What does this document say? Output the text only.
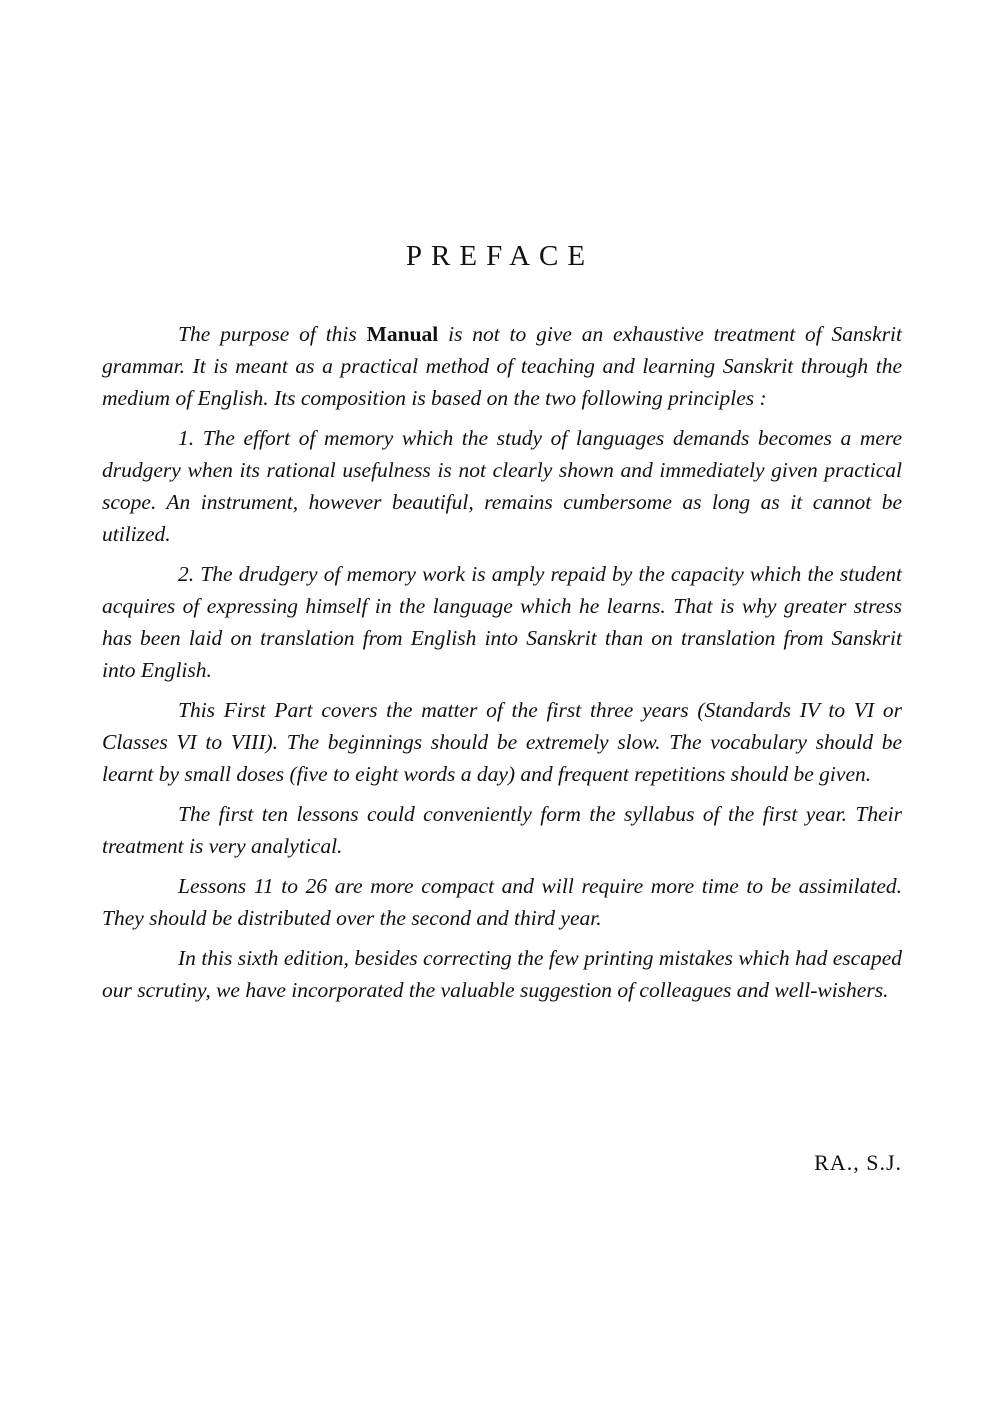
PREFACE

The purpose of this Manual is not to give an exhaustive treatment of Sanskrit grammar. It is meant as a practical method of teaching and learning Sanskrit through the medium of English. Its composition is based on the two following principles :

1. The effort of memory which the study of languages demands becomes a mere drudgery when its rational usefulness is not clearly shown and immediately given practical scope. An instrument, however beautiful, remains cumbersome as long as it cannot be utilized.

2. The drudgery of memory work is amply repaid by the capacity which the student acquires of expressing himself in the language which he learns. That is why greater stress has been laid on translation from English into Sanskrit than on translation from Sanskrit into English.

This First Part covers the matter of the first three years (Standards IV to VI or Classes VI to VIII). The beginnings should be extremely slow. The vocabulary should be learnt by small doses (five to eight words a day) and frequent repetitions should be given.

The first ten lessons could conveniently form the syllabus of the first year. Their treatment is very analytical.

Lessons 11 to 26 are more compact and will require more time to be assimilated. They should be distributed over the second and third year.

In this sixth edition, besides correcting the few printing mistakes which had escaped our scrutiny, we have incorporated the valuable suggestion of colleagues and well-wishers.

RA., S.J.
